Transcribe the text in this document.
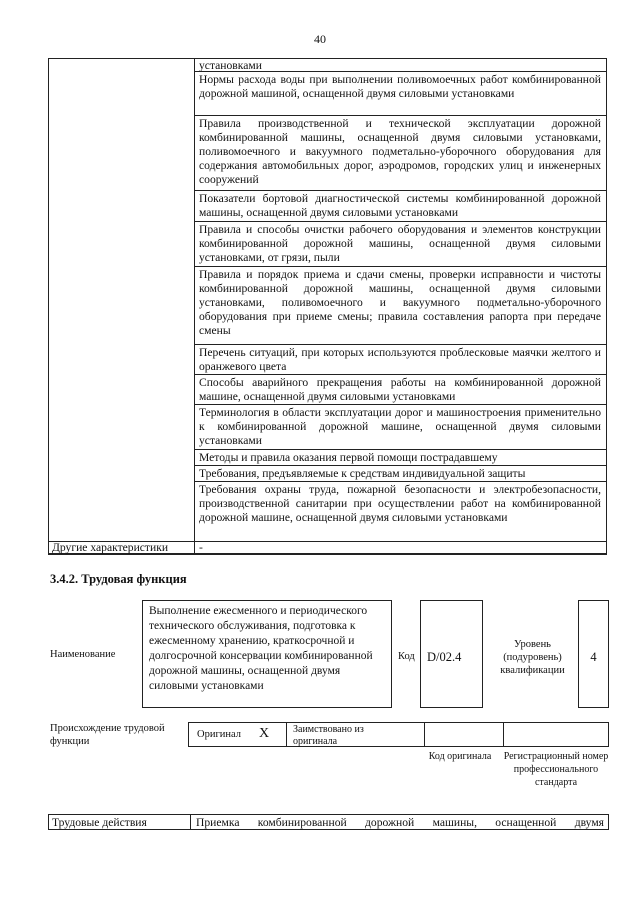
40
установками
Нормы расхода воды при выполнении поливомоечных работ комбинированной дорожной машиной, оснащенной двумя силовыми установками
Правила производственной и технической эксплуатации дорожной комбинированной машины, оснащенной двумя силовыми установками, поливомоечного и вакуумного подметально-уборочного оборудования для содержания автомобильных дорог, аэродромов, городских улиц и инженерных сооружений
Показатели бортовой диагностической системы комбинированной дорожной машины, оснащенной двумя силовыми установками
Правила и способы очистки рабочего оборудования и элементов конструкции комбинированной дорожной машины, оснащенной двумя силовыми установками, от грязи, пыли
Правила и порядок приема и сдачи смены, проверки исправности и чистоты комбинированной дорожной машины, оснащенной двумя силовыми установками, поливомоечного и вакуумного подметально-уборочного оборудования при приеме смены; правила составления рапорта при передаче смены
Перечень ситуаций, при которых используются проблесковые маячки желтого и оранжевого цвета
Способы аварийного прекращения работы на комбинированной дорожной машине, оснащенной двумя силовыми установками
Терминология в области эксплуатации дорог и машиностроения применительно к комбинированной дорожной машине, оснащенной двумя силовыми установками
Методы и правила оказания первой помощи пострадавшему
Требования, предъявляемые к средствам индивидуальной защиты
Требования охраны труда, пожарной безопасности и электробезопасности, производственной санитарии при осуществлении работ на комбинированной дорожной машине, оснащенной двумя силовыми установками
Другие характеристики	-
3.4.2. Трудовая функция
Наименование
Выполнение ежесменного и периодического технического обслуживания, подготовка к ежесменному хранению, краткосрочной и долгосрочной консервации комбинированной дорожной машины, оснащенной двумя силовыми установками
Код D/02.4
Уровень (подуровень) квалификации
4
Происхождение трудовой функции
Оригинал X Заимствовано из оригинала
Код оригинала	Регистрационный номер профессионального стандарта
Трудовые действия	Приемка комбинированной дорожной машины, оснащенной двумя
